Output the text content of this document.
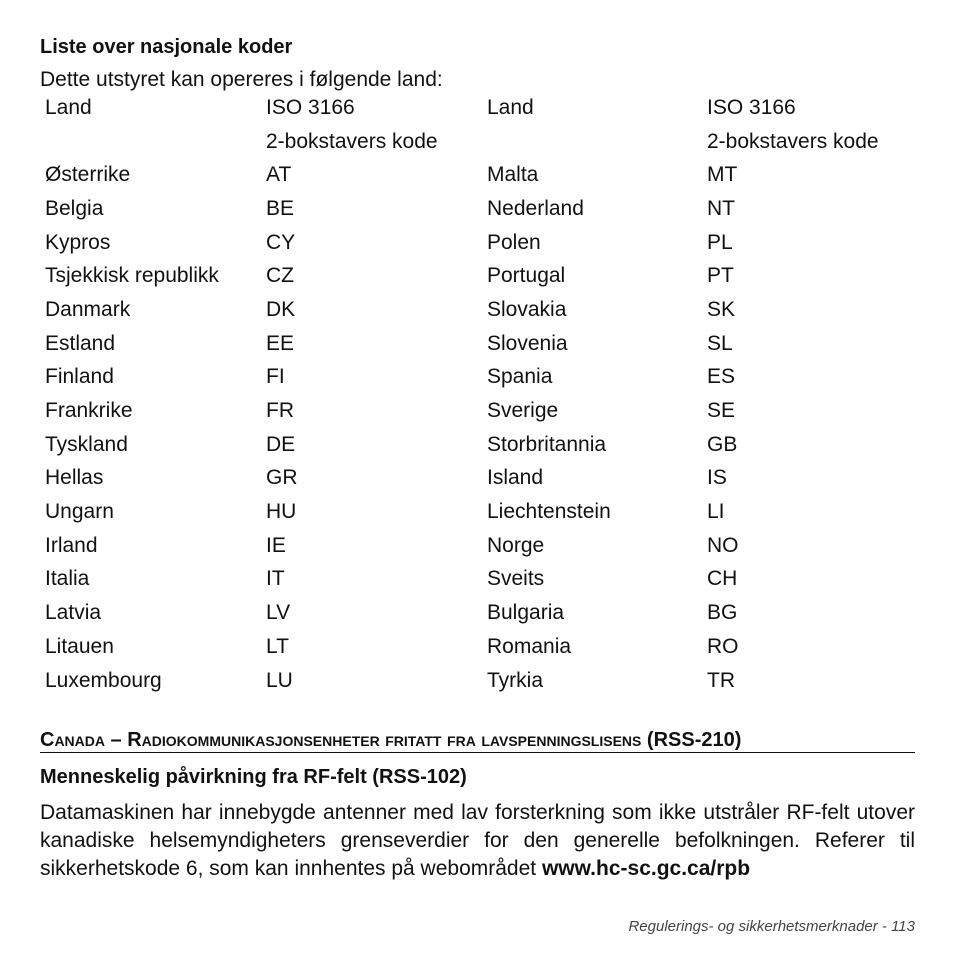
Liste over nasjonale koder
Dette utstyret kan opereres i følgende land:
Land	ISO 3166	Land	ISO 3166
	2-bokstavers kode		2-bokstavers kode
Østerrike	AT	Malta	MT
Belgia	BE	Nederland	NT
Kypros	CY	Polen	PL
Tsjekkisk republikk	CZ	Portugal	PT
Danmark	DK	Slovakia	SK
Estland	EE	Slovenia	SL
Finland	FI	Spania	ES
Frankrike	FR	Sverige	SE
Tyskland	DE	Storbritannia	GB
Hellas	GR	Island	IS
Ungarn	HU	Liechtenstein	LI
Irland	IE	Norge	NO
Italia	IT	Sveits	CH
Latvia	LV	Bulgaria	BG
Litauen	LT	Romania	RO
Luxembourg	LU	Tyrkia	TR
Canada – Radiokommunikasjonsenheter fritatt fra lavspenningslisens (RSS-210)
Menneskelig påvirkning fra RF-felt (RSS-102)
Datamaskinen har innebygde antenner med lav forsterkning som ikke utstråler RF-felt utover kanadiske helsemyndigheters grenseverdier for den generelle befolkningen. Referer til sikkerhetskode 6, som kan innhentes på webområdet www.hc-sc.gc.ca/rpb
Regulerings- og sikkerhetsmerknader - 113
